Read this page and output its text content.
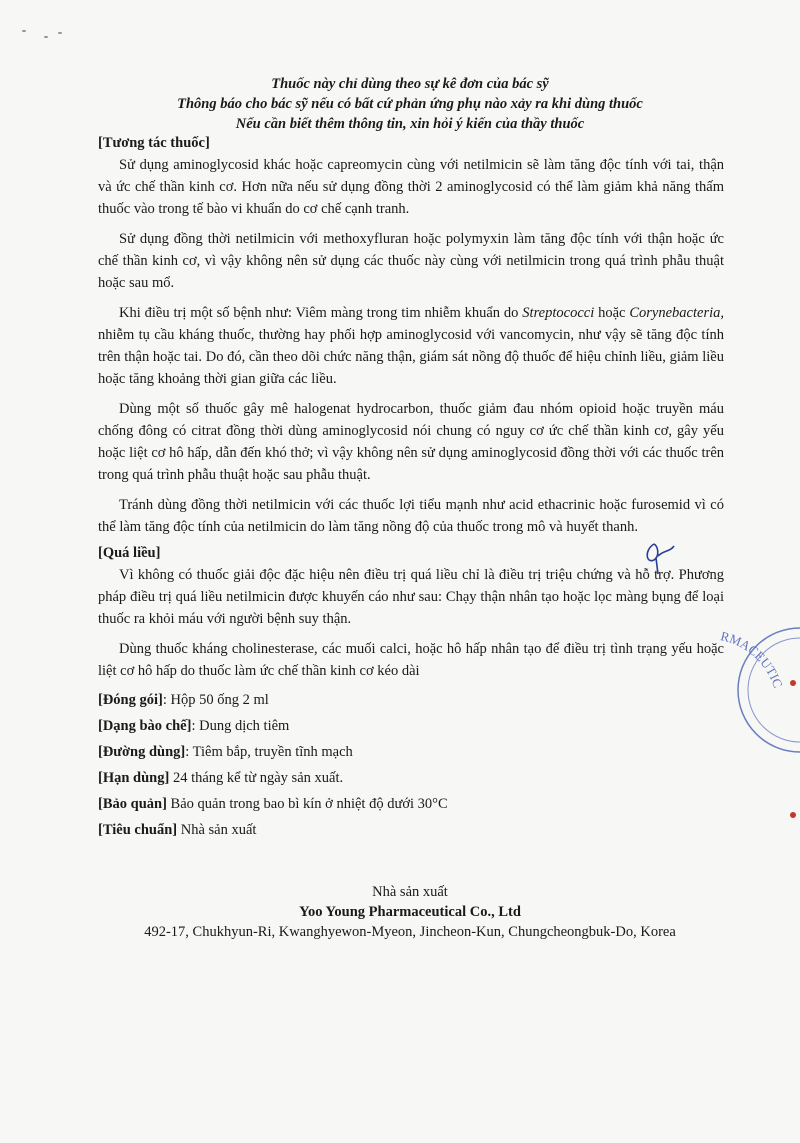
Thuốc này chỉ dùng theo sự kê đơn của bác sỹ
Thông báo cho bác sỹ nếu có bất cứ phản ứng phụ nào xảy ra khi dùng thuốc
Nếu cần biết thêm thông tin, xin hỏi ý kiến của thầy thuốc

[Tương tác thuốc]

Sử dụng aminoglycosid khác hoặc capreomycin cùng với netilmicin sẽ làm tăng độc tính với tai, thận và ức chế thần kinh cơ. Hơn nữa nếu sử dụng đồng thời 2 aminoglycosid có thể làm giảm khả năng thấm thuốc vào trong tế bào vi khuẩn do cơ chế cạnh tranh.

Sử dụng đồng thời netilmicin với methoxyfluran hoặc polymyxin làm tăng độc tính với thận hoặc ức chế thần kinh cơ, vì vậy không nên sử dụng các thuốc này cùng với netilmicin trong quá trình phẫu thuật hoặc sau mổ.

Khi điều trị một số bệnh như: Viêm màng trong tim nhiễm khuẩn do Streptococci hoặc Corynebacteria, nhiễm tụ cầu kháng thuốc, thường hay phối hợp aminoglycosid với vancomycin, như vậy sẽ tăng độc tính trên thận hoặc tai. Do đó, cần theo dõi chức năng thận, giám sát nồng độ thuốc để hiệu chỉnh liều, giảm liều hoặc tăng khoảng thời gian giữa các liều.

Dùng một số thuốc gây mê halogenat hydrocarbon, thuốc giảm đau nhóm opioid hoặc truyền máu chống đông có citrat đồng thời dùng aminoglycosid nói chung có nguy cơ ức chế thần kinh cơ, gây yếu hoặc liệt cơ hô hấp, dẫn đến khó thở; vì vậy không nên sử dụng aminoglycosid đồng thời với các thuốc trên trong quá trình phẫu thuật hoặc sau phẫu thuật.

Tránh dùng đồng thời netilmicin với các thuốc lợi tiểu mạnh như acid ethacrinic hoặc furosemid vì có thể làm tăng độc tính của netilmicin do làm tăng nồng độ của thuốc trong mô và huyết thanh.

[Quá liều]

Vì không có thuốc giải độc đặc hiệu nên điều trị quá liều chỉ là điều trị triệu chứng và hỗ trợ. Phương pháp điều trị quá liều netilmicin được khuyến cáo như sau: Chạy thận nhân tạo hoặc lọc màng bụng để loại thuốc ra khỏi máu với người bệnh suy thận.

Dùng thuốc kháng cholinesterase, các muối calci, hoặc hô hấp nhân tạo để điều trị tình trạng yếu hoặc liệt cơ hô hấp do thuốc làm ức chế thần kinh cơ kéo dài

[Đóng gói]: Hộp 50 ống 2 ml

[Dạng bào chế]: Dung dịch tiêm

[Đường dùng]: Tiêm bắp, truyền tĩnh mạch

[Hạn dùng] 24 tháng kể từ ngày sản xuất.

[Bảo quản] Bảo quản trong bao bì kín ở nhiệt độ dưới 30°C

[Tiêu chuẩn] Nhà sản xuất

Nhà sản xuất
Yoo Young Pharmaceutical Co., Ltd
492-17, Chukhyun-Ri, Kwanghyewon-Myeon, Jincheon-Kun, Chungcheongbuk-Do, Korea
RMACEUTIC
